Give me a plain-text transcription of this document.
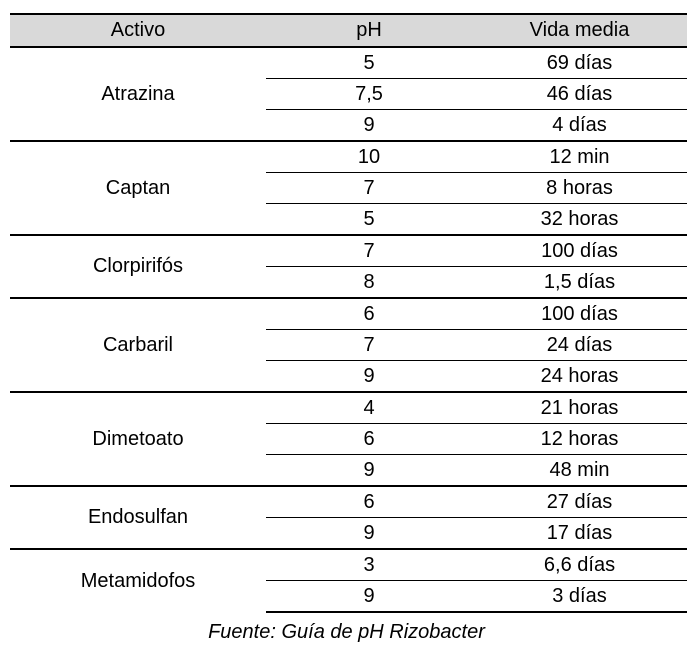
Activo	pH	Vida media
Atrazina	5	69 días
	7,5	46 días
	9	4 días
Captan	10	12 min
	7	8 horas
	5	32 horas
Clorpirifós	7	100 días
	8	1,5 días
Carbaril	6	100 días
	7	24 días
	9	24 horas
Dimetoato	4	21 horas
	6	12 horas
	9	48 min
Endosulfan	6	27 días
	9	17 días
Metamidofos	3	6,6 días
	9	3 días
Fuente: Guía de pH Rizobacter
